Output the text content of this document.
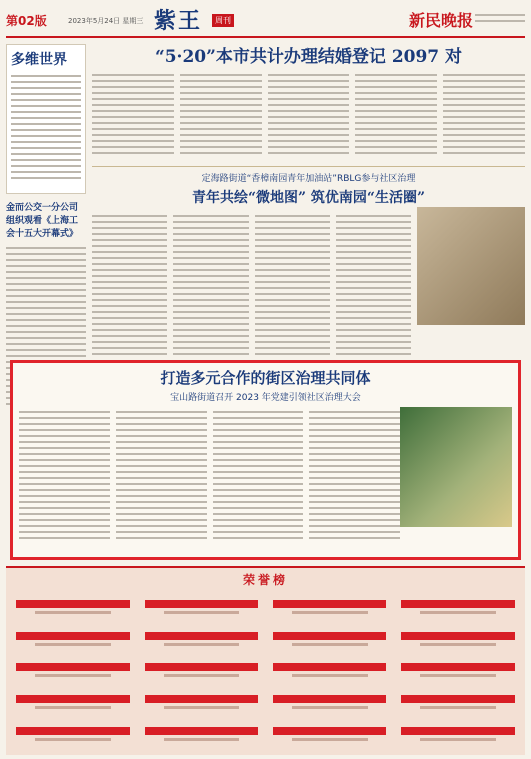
第02版	2023年5月24日 星期三 紫王	周刊	新民晚报
多维世界
金而公交一分公司组织观看《上海工会十五大开幕式》
“5·20”本市共计办理结婚登记 2097 对
定海路街道“香樟南园青年加油站”RBLG参与社区治理
青年共绘“微地图” 筑优南园“生活圈”
打造多元合作的街区治理共同体
宝山路街道召开 2023 年党建引领社区治理大会
荣誉榜
